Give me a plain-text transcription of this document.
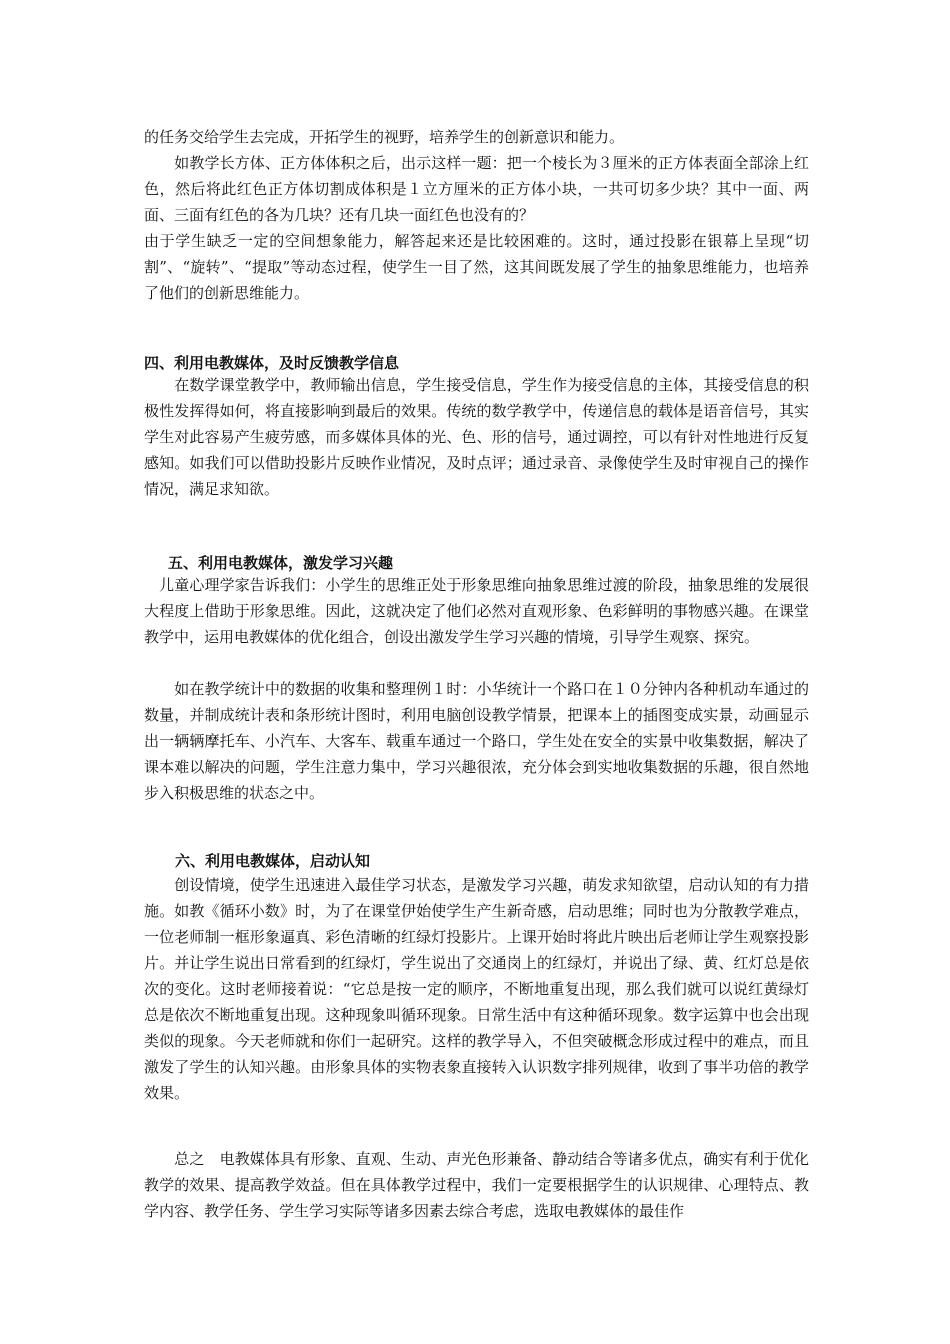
的任务交给学生去完成，开拓学生的视野，培养学生的创新意识和能力。

　　如教学长方体、正方体体积之后，出示这样一题：把一个棱长为３厘米的正方体表面全部涂上红色，然后将此红色正方体切割成体积是１立方厘米的正方体小块，一共可切多少块？其中一面、两面、三面有红色的各为几块？还有几块一面红色也没有的？

由于学生缺乏一定的空间想象能力，解答起来还是比较困难的。这时，通过投影在银幕上呈现“切割”、“旋转”、“提取”等动态过程，使学生一目了然，这其间既发展了学生的抽象思维能力，也培养了他们的创新思维能力。

四、利用电教媒体，及时反馈教学信息

　　在数学课堂教学中，教师输出信息，学生接受信息，学生作为接受信息的主体，其接受信息的积极性发挥得如何，将直接影响到最后的效果。传统的数学教学中，传递信息的载体是语音信号，其实学生对此容易产生疲劳感，而多媒体具体的光、色、形的信号，通过调控，可以有针对性地进行反复感知。如我们可以借助投影片反映作业情况，及时点评；通过录音、录像使学生及时审视自己的操作情况，满足求知欲。

五、利用电教媒体，激发学习兴趣

　儿童心理学家告诉我们：小学生的思维正处于形象思维向抽象思维过渡的阶段，抽象思维的发展很大程度上借助于形象思维。因此，这就决定了他们必然对直观形象、色彩鲜明的事物感兴趣。在课堂教学中，运用电教媒体的优化组合，创设出激发学生学习兴趣的情境，引导学生观察、探究。

　　如在教学统计中的数据的收集和整理例１时：小华统计一个路口在１０分钟内各种机动车通过的数量，并制成统计表和条形统计图时，利用电脑创设教学情景，把课本上的插图变成实景，动画显示出一辆辆摩托车、小汽车、大客车、载重车通过一个路口，学生处在安全的实景中收集数据，解决了课本难以解决的问题，学生注意力集中，学习兴趣很浓，充分体会到实地收集数据的乐趣，很自然地步入积极思维的状态之中。

六、利用电教媒体，启动认知

　　创设情境，使学生迅速进入最佳学习状态，是激发学习兴趣，萌发求知欲望，启动认知的有力措施。如教《循环小数》时，为了在课堂伊始使学生产生新奇感，启动思维；同时也为分散教学难点，一位老师制一框形象逼真、彩色清晰的红绿灯投影片。上课开始时将此片映出后老师让学生观察投影片。并让学生说出日常看到的红绿灯，学生说出了交通岗上的红绿灯，并说出了绿、黄、红灯总是依次的变化。这时老师接着说：“它总是按一定的顺序，不断地重复出现，那么我们就可以说红黄绿灯总是依次不断地重复出现。这种现象叫循环现象。日常生活中有这种循环现象。数字运算中也会出现类似的现象。今天老师就和你们一起研究。这样的教学导入，不但突破概念形成过程中的难点，而且激发了学生的认知兴趣。由形象具体的实物表象直接转入认识数字排列规律，收到了事半功倍的教学效果。

　　总之　电教媒体具有形象、直观、生动、声光色形兼备、静动结合等诸多优点，确实有利于优化教学的效果、提高教学效益。但在具体教学过程中，我们一定要根据学生的认识规律、心理特点、教学内容、教学任务、学生学习实际等诸多因素去综合考虑，选取电教媒体的最佳作
